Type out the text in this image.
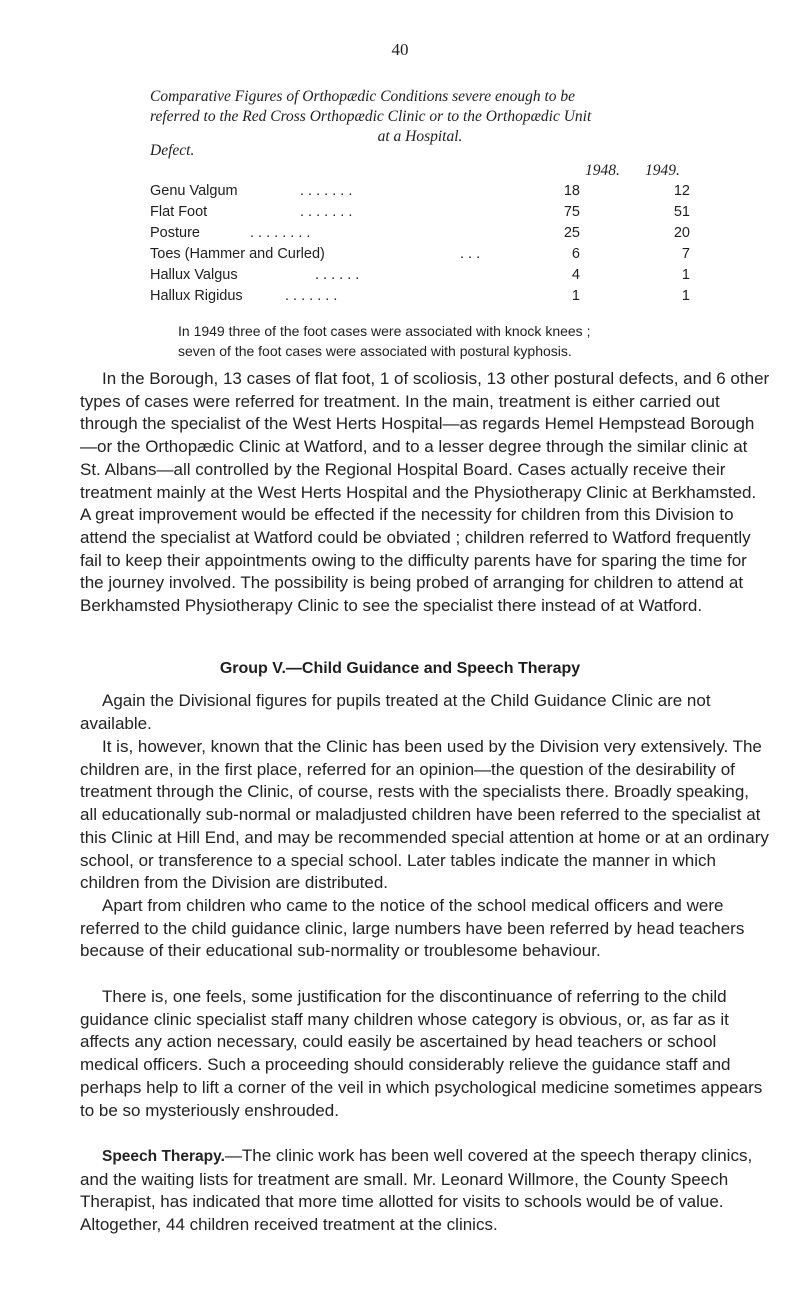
40
Comparative Figures of Orthopædic Conditions severe enough to be
referred to the Red Cross Orthopædic Clinic or to the Orthopædic Unit
at a Hospital.
Defect.
1948. 1949.
Genu Valgum	. . . . . . .	18	12
Flat Foot	. . . . . . .	75	51
Posture	. . . . . . . .	25	20
Toes (Hammer and Curled)	. . .	6	7
Hallux Valgus	. . . . . .	4	1
Hallux Rigidus	. . . . . . .	1	1
In 1949 three of the foot cases were associated with knock knees ;

seven of the foot cases were associated with postural kyphosis.

In the Borough, 13 cases of flat foot, 1 of scoliosis, 13 other postural defects, and 6 other types of cases were referred for treatment. In the main, treatment is either carried out through the specialist of the West Herts Hospital—as regards Hemel Hempstead Borough—or the Orthopædic Clinic at Watford, and to a lesser degree through the similar clinic at St. Albans—all controlled by the Regional Hospital Board. Cases actually receive their treatment mainly at the West Herts Hospital and the Physiotherapy Clinic at Berkhamsted. A great improvement would be effected if the necessity for children from this Division to attend the specialist at Watford could be obviated ; children referred to Watford frequently fail to keep their appointments owing to the difficulty parents have for sparing the time for the journey involved. The possibility is being probed of arranging for children to attend at Berkhamsted Physiotherapy Clinic to see the specialist there instead of at Watford.

Group V.—Child Guidance and Speech Therapy

Again the Divisional figures for pupils treated at the Child Guidance Clinic are not available.

It is, however, known that the Clinic has been used by the Division very extensively. The children are, in the first place, referred for an opinion—the question of the desirability of treatment through the Clinic, of course, rests with the specialists there. Broadly speaking, all educationally sub-normal or maladjusted children have been referred to the specialist at this Clinic at Hill End, and may be recommended special attention at home or at an ordinary school, or transference to a special school. Later tables indicate the manner in which children from the Division are distributed.

Apart from children who came to the notice of the school medical officers and were referred to the child guidance clinic, large numbers have been referred by head teachers because of their educational sub-normality or troublesome behaviour.

There is, one feels, some justification for the discontinuance of referring to the child guidance clinic specialist staff many children whose category is obvious, or, as far as it affects any action necessary, could easily be ascertained by head teachers or school medical officers. Such a proceeding should considerably relieve the guidance staff and perhaps help to lift a corner of the veil in which psychological medicine sometimes appears to be so mysteriously enshrouded.

Speech Therapy.—The clinic work has been well covered at the speech therapy clinics, and the waiting lists for treatment are small. Mr. Leonard Willmore, the County Speech Therapist, has indicated that more time allotted for visits to schools would be of value. Altogether, 44 children received treatment at the clinics.
